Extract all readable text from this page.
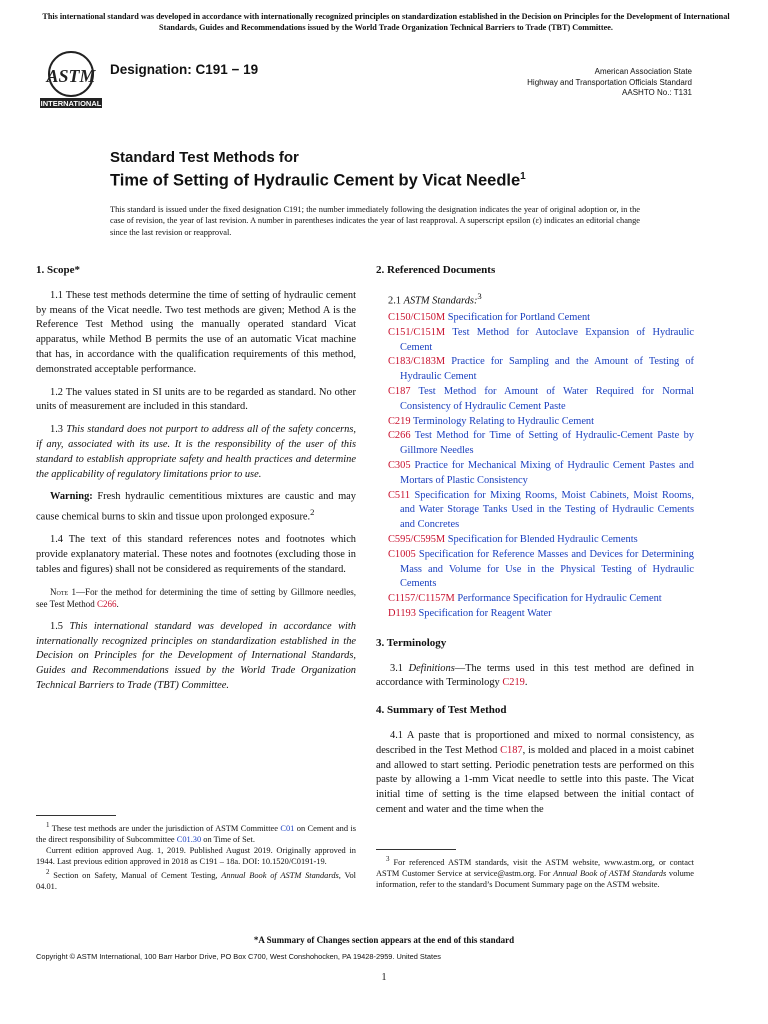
This international standard was developed in accordance with internationally recognized principles on standardization established in the Decision on Principles for the Development of International Standards, Guides and Recommendations issued by the World Trade Organization Technical Barriers to Trade (TBT) Committee.
ASTM
INTERNATIONAL
Designation: C191 − 19	American Association State
Highway and Transportation Officials Standard
AASHTO No.: T131
Standard Test Methods for
Time of Setting of Hydraulic Cement by Vicat Needle$^1$
This standard is issued under the fixed designation C191; the number immediately following the designation indicates the year of original adoption or, in the case of revision, the year of last revision. A number in parentheses indicates the year of last reapproval. A superscript epsilon (ε) indicates an editorial change since the last revision or reapproval.
1. Scope*

1.1 These test methods determine the time of setting of hydraulic cement by means of the Vicat needle. Two test methods are given; Method A is the Reference Test Method using the manually operated standard Vicat apparatus, while Method B permits the use of an automatic Vicat machine that has, in accordance with the qualification requirements of this method, demonstrated acceptable performance.

1.2 The values stated in SI units are to be regarded as standard. No other units of measurement are included in this standard.

1.3 This standard does not purport to address all of the safety concerns, if any, associated with its use. It is the responsibility of the user of this standard to establish appropriate safety and health practices and determine the applicability of regulatory limitations prior to use.

Warning: Fresh hydraulic cementitious mixtures are caustic and may cause chemical burns to skin and tissue upon prolonged exposure.$^2$

1.4 The text of this standard references notes and footnotes which provide explanatory material. These notes and footnotes (excluding those in tables and figures) shall not be considered as requirements of the standard.

Note 1—For the method for determining the time of setting by Gillmore needles, see Test Method C266.

1.5 This international standard was developed in accordance with internationally recognized principles on standardization established in the Decision on Principles for the Development of International Standards, Guides and Recommendations issued by the World Trade Organization Technical Barriers to Trade (TBT) Committee.

2. Referenced Documents

2.1 ASTM Standards:$^3$

C150/C150M Specification for Portland Cement
C151/C151M Test Method for Autoclave Expansion of Hydraulic Cement
C183/C183M Practice for Sampling and the Amount of Testing of Hydraulic Cement
C187 Test Method for Amount of Water Required for Normal Consistency of Hydraulic Cement Paste
C219 Terminology Relating to Hydraulic Cement
C266 Test Method for Time of Setting of Hydraulic-Cement Paste by Gillmore Needles
C305 Practice for Mechanical Mixing of Hydraulic Cement Pastes and Mortars of Plastic Consistency
C511 Specification for Mixing Rooms, Moist Cabinets, Moist Rooms, and Water Storage Tanks Used in the Testing of Hydraulic Cements and Concretes
C595/C595M Specification for Blended Hydraulic Cements
C1005 Specification for Reference Masses and Devices for Determining Mass and Volume for Use in the Physical Testing of Hydraulic Cements
C1157/C1157M Performance Specification for Hydraulic Cement
D1193 Specification for Reagent Water
3. Terminology

3.1 Definitions—The terms used in this test method are defined in accordance with Terminology C219.

4. Summary of Test Method

4.1 A paste that is proportioned and mixed to normal consistency, as described in the Test Method C187, is molded and placed in a moist cabinet and allowed to start setting. Periodic penetration tests are performed on this paste by allowing a 1-mm Vicat needle to settle into this paste. The Vicat initial time of setting is the time elapsed between the initial contact of cement and water and the time when the

$^1$ These test methods are under the jurisdiction of ASTM Committee C01 on Cement and is the direct responsibility of Subcommittee C01.30 on Time of Set.
Current edition approved Aug. 1, 2019. Published August 2019. Originally approved in 1944. Last previous edition approved in 2018 as C191 – 18a. DOI: 10.1520/C0191-19.
$^2$ Section on Safety, Manual of Cement Testing, Annual Book of ASTM Standards, Vol 04.01.
$^3$ For referenced ASTM standards, visit the ASTM website, www.astm.org, or contact ASTM Customer Service at service@astm.org. For Annual Book of ASTM Standards volume information, refer to the standard’s Document Summary page on the ASTM website.
*A Summary of Changes section appears at the end of this standard
Copyright © ASTM International, 100 Barr Harbor Drive, PO Box C700, West Conshohocken, PA 19428-2959. United States
1
